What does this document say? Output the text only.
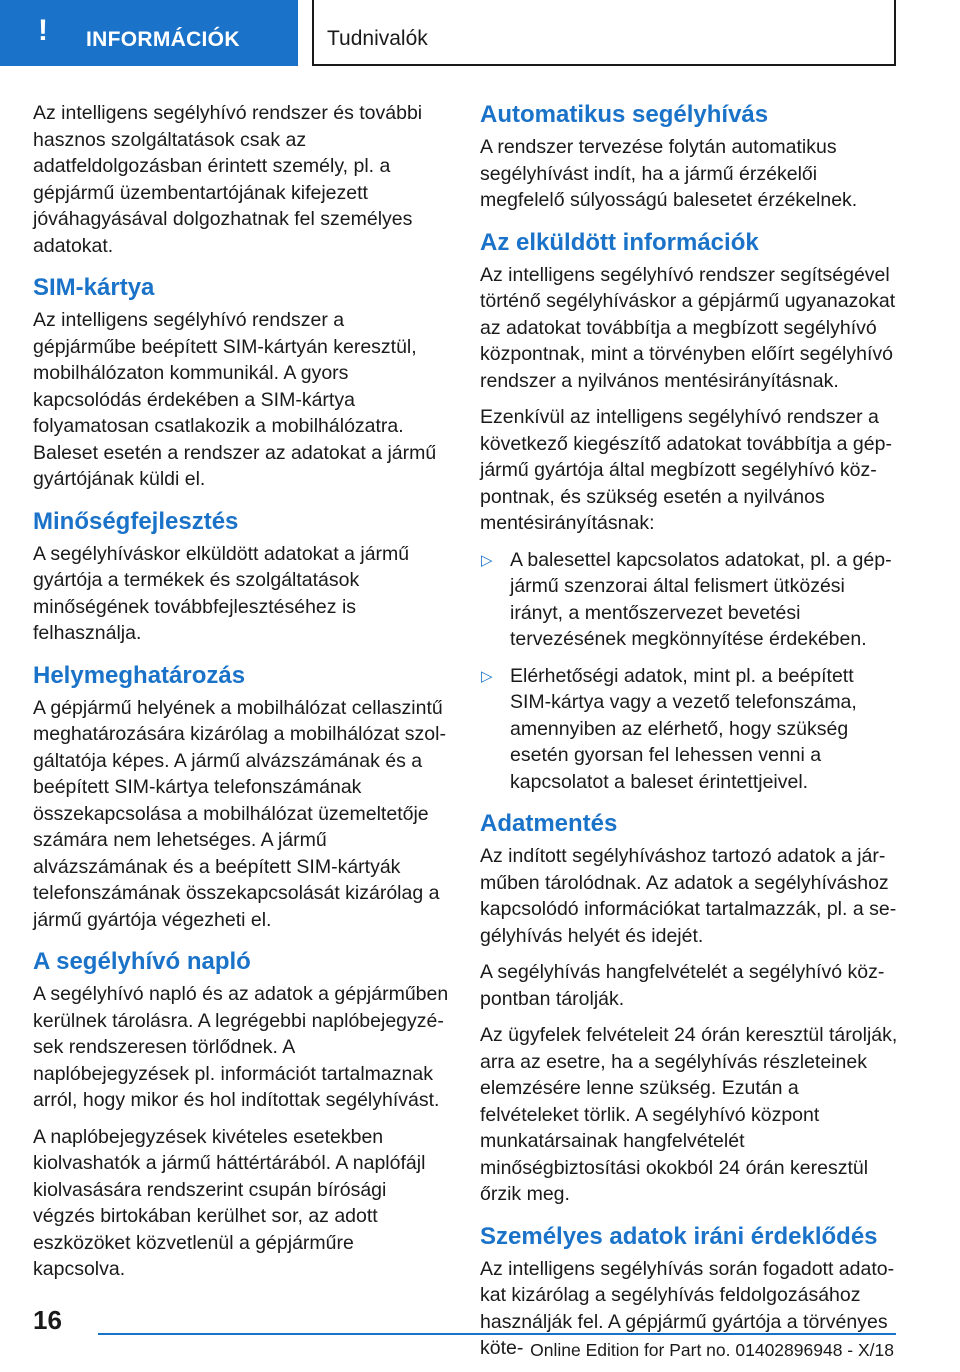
! INFORMÁCIÓK	Tudnivalók

Az intelligens segélyhívó rendszer és további hasznos szolgáltatások csak az adatfeldolgozásban érintett személy, pl. a gépjármű üzembentartójának kifejezett jóváhagyásával dolgozhatnak fel személyes adatokat.

SIM-kártya

Az intelligens segélyhívó rendszer a gépjárműbe beépített SIM-kártyán keresztül, mobilhálózaton kommunikál. A gyors kapcsolódás érdekében a SIM-kártya folyamatosan csatlakozik a mobilhálózatra. Baleset esetén a rendszer az adatokat a jármű gyártójának küldi el.

Minőségfejlesztés

A segélyhíváskor elküldött adatokat a jármű gyártója a termékek és szolgáltatások minőségének továbbfejlesztéséhez is felhasználja.

Helymeghatározás

A gépjármű helyének a mobilhálózat cellaszintű meghatározására kizárólag a mobilhálózat szolgáltatója képes. A jármű alvázszámának és a beépített SIM-kártya telefonszámának összekapcsolása a mobilhálózat üzemeltetője számára nem lehetséges. A jármű alvázszámának és a beépített SIM-kártyák telefonszámának összekapcsolását kizárólag a jármű gyártója végezheti el.

A segélyhívó napló

A segélyhívó napló és az adatok a gépjárműben kerülnek tárolásra. A legrégebbi naplóbejegyzések rendszeresen törlődnek. A naplóbejegyzések pl. információt tartalmaznak arról, hogy mikor és hol indítottak segélyhívást.

A naplóbejegyzések kivételes esetekben kiolvashatók a jármű háttértárából. A naplófájl kiolvasására rendszerint csupán bírósági végzés birtokában kerülhet sor, az adott eszközöket közvetlenül a gépjárműre kapcsolva.

Automatikus segélyhívás

A rendszer tervezése folytán automatikus segélyhívást indít, ha a jármű érzékelői megfelelő súlyosságú balesetet érzékelnek.

Az elküldött információk

Az intelligens segélyhívó rendszer segítségével történő segélyhíváskor a gépjármű ugyanazokat az adatokat továbbítja a megbízott segélyhívó központnak, mint a törvényben előírt segélyhívó rendszer a nyilvános mentésirányításnak.

Ezenkívül az intelligens segélyhívó rendszer a következő kiegészítő adatokat továbbítja a gépjármű gyártója által megbízott segélyhívó központnak, és szükség esetén a nyilvános mentésirányításnak:

▷ A balesettel kapcsolatos adatokat, pl. a gépjármű szenzorai által felismert ütközési irányt, a mentőszervezet bevetési tervezésének megkönnyítése érdekében.
▷ Elérhetőségi adatok, mint pl. a beépített SIM-kártya vagy a vezető telefonszáma, amennyiben az elérhető, hogy szükség esetén gyorsan fel lehessen venni a kapcsolatot a baleset érintettjeivel.
Adatmentés

Az indított segélyhíváshoz tartozó adatok a járműben tárolódnak. Az adatok a segélyhíváshoz kapcsolódó információkat tartalmazzák, pl. a segélyhívás helyét és idejét.

A segélyhívás hangfelvételét a segélyhívó központban tárolják.

Az ügyfelek felvételeit 24 órán keresztül tárolják, arra az esetre, ha a segélyhívás részleteinek elemzésére lenne szükség. Ezután a felvételeket törlik. A segélyhívó központ munkatársainak hangfelvételét minőségbiztosítási okokból 24 órán keresztül őrzik meg.

Személyes adatok iráni érdeklődés

Az intelligens segélyhívás során fogadott adatokat kizárólag a segélyhívás feldolgozásához használják fel. A gépjármű gyártója a törvényes köte-

16
Online Edition for Part no. 01402896948 - X/18
